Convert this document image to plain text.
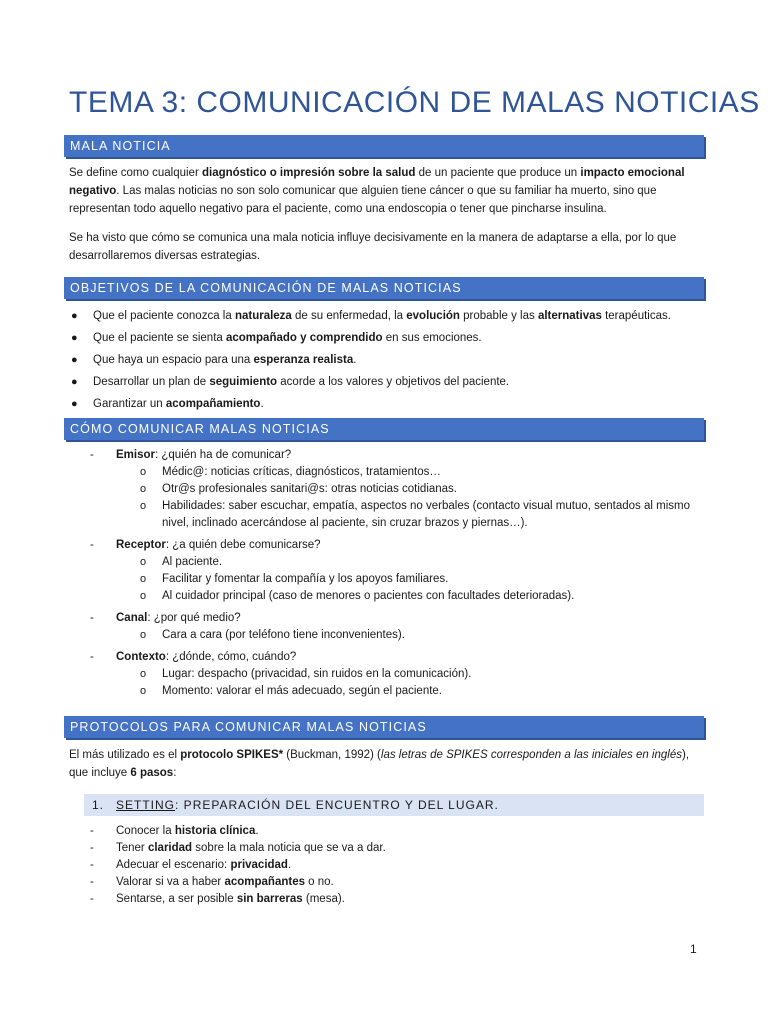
TEMA 3: COMUNICACIÓN DE MALAS NOTICIAS
MALA NOTICIA

Se define como cualquier diagnóstico o impresión sobre la salud de un paciente que produce un impacto emocional negativo. Las malas noticias no son solo comunicar que alguien tiene cáncer o que su familiar ha muerto, sino que representan todo aquello negativo para el paciente, como una endoscopia o tener que pincharse insulina.

Se ha visto que cómo se comunica una mala noticia influye decisivamente en la manera de adaptarse a ella, por lo que desarrollaremos diversas estrategias.

OBJETIVOS DE LA COMUNICACIÓN DE MALAS NOTICIAS
● Que el paciente conozca la naturaleza de su enfermedad, la evolución probable y las alternativas terapéuticas.
● Que el paciente se sienta acompañado y comprendido en sus emociones.
● Que haya un espacio para una esperanza realista.
● Desarrollar un plan de seguimiento acorde a los valores y objetivos del paciente.
● Garantizar un acompañamiento.
CÓMO COMUNICAR MALAS NOTICIAS
- Emisor: ¿quién ha de comunicar?
o Médic@: noticias críticas, diagnósticos, tratamientos…
o Otr@s profesionales sanitari@s: otras noticias cotidianas.
o Habilidades: saber escuchar, empatía, aspectos no verbales (contacto visual mutuo, sentados al mismo nivel, inclinado acercándose al paciente, sin cruzar brazos y piernas…).
- Receptor: ¿a quién debe comunicarse?
o Al paciente.
o Facilitar y fomentar la compañía y los apoyos familiares.
o Al cuidador principal (caso de menores o pacientes con facultades deterioradas).
- Canal: ¿por qué medio?
o Cara a cara (por teléfono tiene inconvenientes).
- Contexto: ¿dónde, cómo, cuándo?
o Lugar: despacho (privacidad, sin ruidos en la comunicación).
o Momento: valorar el más adecuado, según el paciente.
PROTOCOLOS PARA COMUNICAR MALAS NOTICIAS

El más utilizado es el protocolo SPIKES* (Buckman, 1992) (las letras de SPIKES corresponden a las iniciales en inglés), que incluye 6 pasos:

1. SETTING: PREPARACIÓN DEL ENCUENTRO Y DEL LUGAR.
- Conocer la historia clínica.
- Tener claridad sobre la mala noticia que se va a dar.
- Adecuar el escenario: privacidad.
- Valorar si va a haber acompañantes o no.
- Sentarse, a ser posible sin barreras (mesa).
1
